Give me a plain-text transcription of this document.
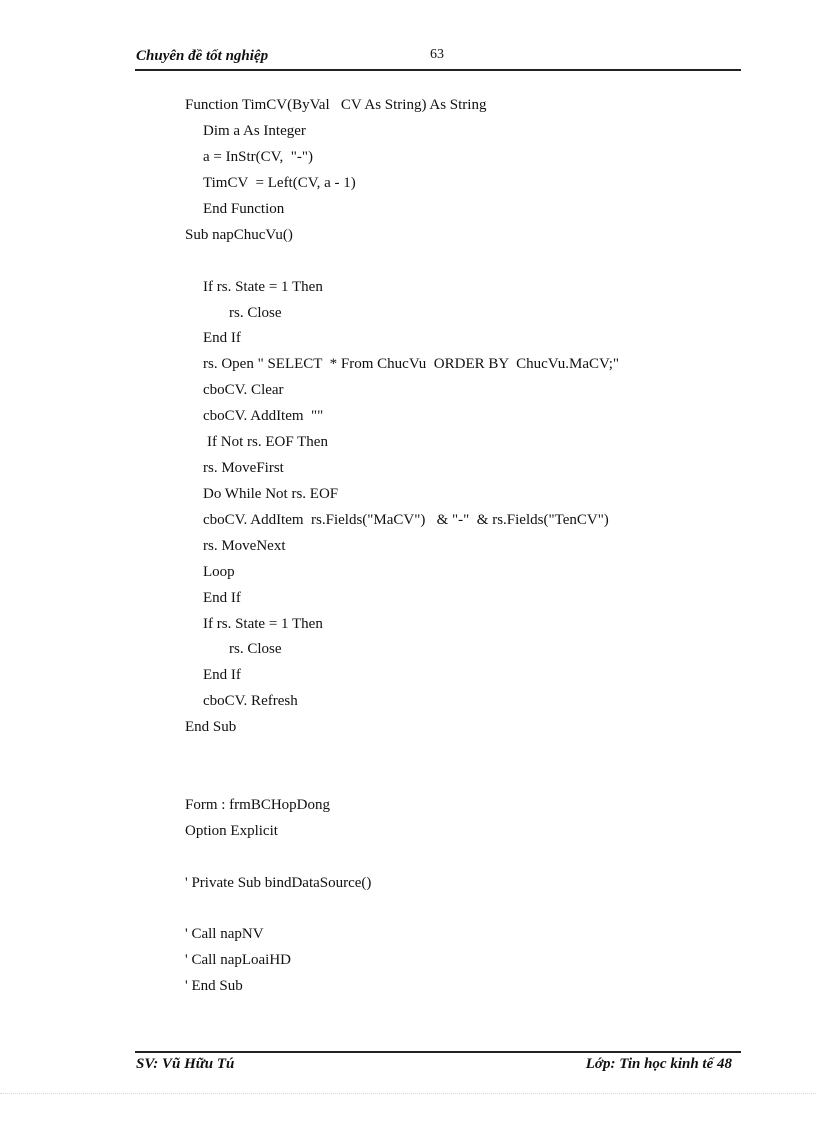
Chuyên đề tốt nghiệp	63
Function TimCV(ByVal   CV As String) As String
Dim a As Integer
a = InStr(CV,  "-")
TimCV  = Left(CV, a - 1)
End Function
Sub napChucVu()
If rs. State = 1 Then
rs. Close
End If
rs. Open " SELECT  * From ChucVu  ORDER BY  ChucVu.MaCV;"
cboCV. Clear
cboCV. AddItem  ""
If Not rs. EOF Then
rs. MoveFirst
Do While Not rs. EOF
cboCV. AddItem  rs.Fields("MaCV")   & "-"  & rs.Fields("TenCV")
rs. MoveNext
Loop
End If
If rs. State = 1 Then
rs. Close
End If
cboCV. Refresh
End Sub
Form : frmBCHopDong
Option Explicit
' Private Sub bindDataSource()
' Call napNV
' Call napLoaiHD
' End Sub
SV: Vũ Hữu Tú	Lớp: Tin học kinh tế 48
